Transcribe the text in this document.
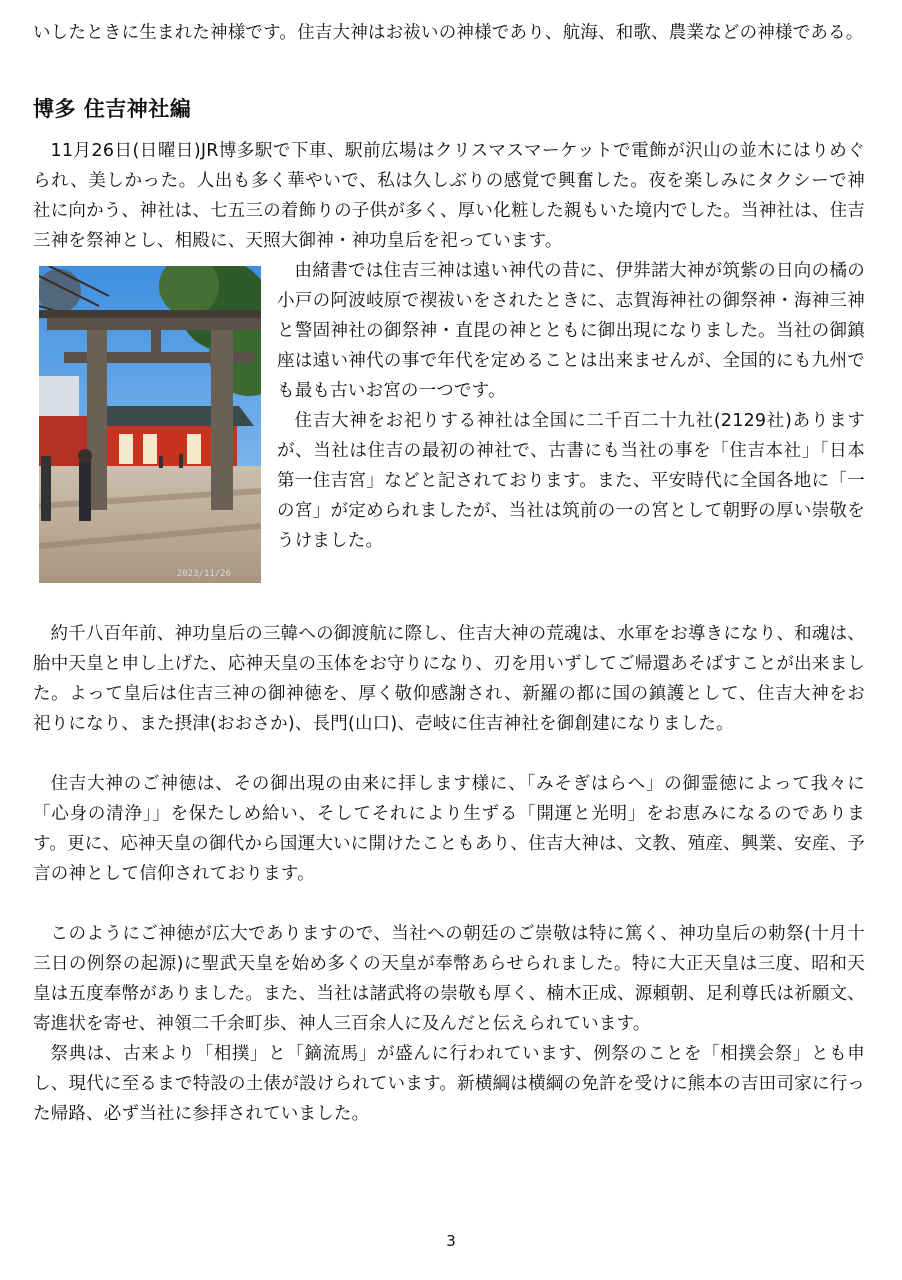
いしたときに生まれた神様です。住吉大神はお祓いの神様であり、航海、和歌、農業などの神様である。

博多 住吉神社編

11月26日(日曜日)JR博多駅で下車、駅前広場はクリスマスマーケットで電飾が沢山の並木にはりめぐられ、美しかった。人出も多く華やいで、私は久しぶりの感覚で興奮した。夜を楽しみにタクシーで神社に向かう、神社は、七五三の着飾りの子供が多く、厚い化粧した親もいた境内でした。当神社は、住吉三神を祭神とし、相殿に、天照大御神・神功皇后を祀っています。

2023/11/26

由緒書では住吉三神は遠い神代の昔に、伊弉諾大神が筑紫の日向の橘の小戸の阿波岐原で禊祓いをされたときに、志賀海神社の御祭神・海神三神と警固神社の御祭神・直毘の神とともに御出現になりました。当社の御鎮座は遠い神代の事で年代を定めることは出来ませんが、全国的にも九州でも最も古いお宮の一つです。

住吉大神をお祀りする神社は全国に二千百二十九社(2129社)ありますが、当社は住吉の最初の神社で、古書にも当社の事を「住吉本社」「日本第一住吉宮」などと記されております。また、平安時代に全国各地に「一の宮」が定められましたが、当社は筑前の一の宮として朝野の厚い崇敬をうけました。

約千八百年前、神功皇后の三韓への御渡航に際し、住吉大神の荒魂は、水軍をお導きになり、和魂は、胎中天皇と申し上げた、応神天皇の玉体をお守りになり、刃を用いずしてご帰還あそばすことが出来ました。よって皇后は住吉三神の御神徳を、厚く敬仰感謝され、新羅の都に国の鎮護として、住吉大神をお祀りになり、また摂津(おおさか)、長門(山口)、壱岐に住吉神社を御創建になりました。

住吉大神のご神徳は、その御出現の由来に拝します様に、「みそぎはらへ」の御霊徳によって我々に「心身の清浄」」を保たしめ給い、そしてそれにより生ずる「開運と光明」をお恵みになるのであります。更に、応神天皇の御代から国運大いに開けたこともあり、住吉大神は、文教、殖産、興業、安産、予言の神として信仰されております。

このようにご神徳が広大でありますので、当社への朝廷のご崇敬は特に篤く、神功皇后の勅祭(十月十三日の例祭の起源)に聖武天皇を始め多くの天皇が奉幣あらせられました。特に大正天皇は三度、昭和天皇は五度奉幣がありました。また、当社は諸武将の崇敬も厚く、楠木正成、源頼朝、足利尊氏は祈願文、寄進状を寄せ、神領二千余町歩、神人三百余人に及んだと伝えられています。

祭典は、古来より「相撲」と「鏑流馬」が盛んに行われています、例祭のことを「相撲会祭」とも申し、現代に至るまで特設の土俵が設けられています。新横綱は横綱の免許を受けに熊本の吉田司家に行った帰路、必ず当社に参拝されていました。

3
